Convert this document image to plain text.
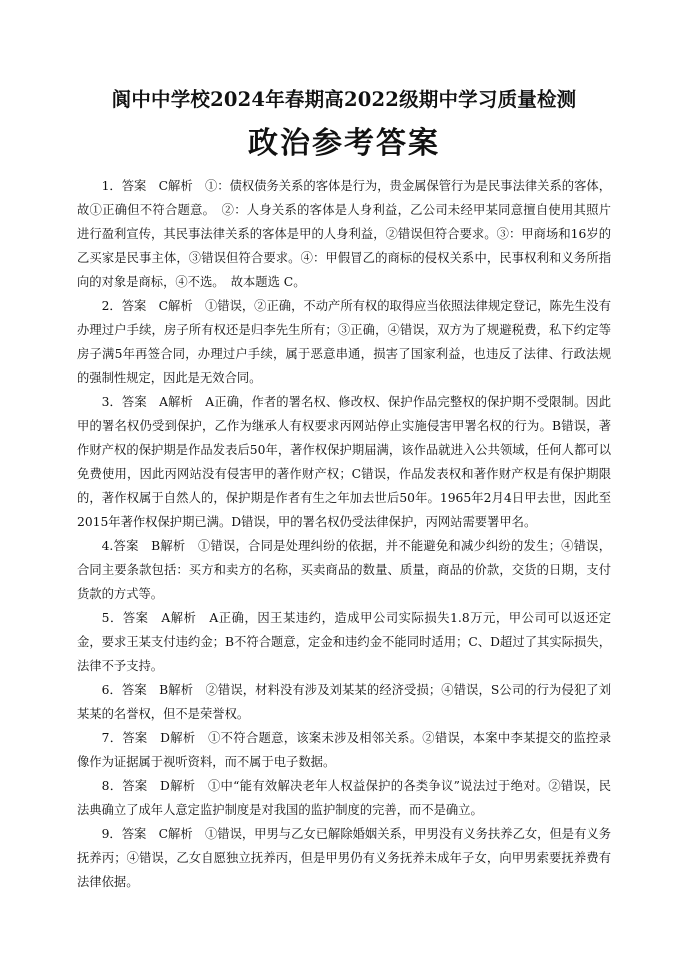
阆中中学校2024年春期高2022级期中学习质量检测
政治参考答案

1．答案　C解析　①：债权债务关系的客体是行为，贵金属保管行为是民事法律关系的客体，故①正确但不符合题意。　②：人身关系的客体是人身利益，乙公司未经甲某同意擅自使用其照片进行盈利宣传，其民事法律关系的客体是甲的人身利益，②错误但符合要求。③：甲商场和16岁的乙买家是民事主体，③错误但符合要求。④：甲假冒乙的商标的侵权关系中，民事权利和义务所指向的对象是商标，④不选。　故本题选 C。

2．答案　C解析　①错误，②正确，不动产所有权的取得应当依照法律规定登记，陈先生没有办理过户手续，房子所有权还是归李先生所有；③正确，④错误，双方为了规避税费，私下约定等房子满5年再签合同，办理过户手续，属于恶意串通，损害了国家利益，也违反了法律、行政法规的强制性规定，因此是无效合同。

3．答案　A解析　A正确，作者的署名权、修改权、保护作品完整权的保护期不受限制。因此甲的署名权仍受到保护，乙作为继承人有权要求丙网站停止实施侵害甲署名权的行为。B错误，著作财产权的保护期是作品发表后50年，著作权保护期届满，该作品就进入公共领域，任何人都可以免费使用，因此丙网站没有侵害甲的著作财产权；C错误，作品发表权和著作财产权是有保护期限的，著作权属于自然人的，保护期是作者有生之年加去世后50年。1965年2月4日甲去世，因此至2015年著作权保护期已满。D错误，甲的署名权仍受法律保护，丙网站需要署甲名。

4.答案　B解析　①错误，合同是处理纠纷的依据，并不能避免和减少纠纷的发生；④错误，合同主要条款包括：买方和卖方的名称，买卖商品的数量、质量，商品的价款，交货的日期，支付货款的方式等。

5．答案　A解析　A正确，因王某违约，造成甲公司实际损失1.8万元，甲公司可以返还定金，要求王某支付违约金；B不符合题意，定金和违约金不能同时适用；C、D超过了其实际损失，法律不予支持。

6．答案　B解析　②错误，材料没有涉及刘某某的经济受损；④错误，S公司的行为侵犯了刘某某的名誉权，但不是荣誉权。

7．答案　D解析　①不符合题意，该案未涉及相邻关系。②错误，本案中李某提交的监控录像作为证据属于视听资料，而不属于电子数据。

8．答案　D解析　①中“能有效解决老年人权益保护的各类争议”说法过于绝对。②错误，民法典确立了成年人意定监护制度是对我国的监护制度的完善，而不是确立。

9．答案　C解析　①错误，甲男与乙女已解除婚姻关系，甲男没有义务扶养乙女，但是有义务抚养丙；④错误，乙女自愿独立抚养丙，但是甲男仍有义务抚养未成年子女，向甲男索要抚养费有法律依据。
